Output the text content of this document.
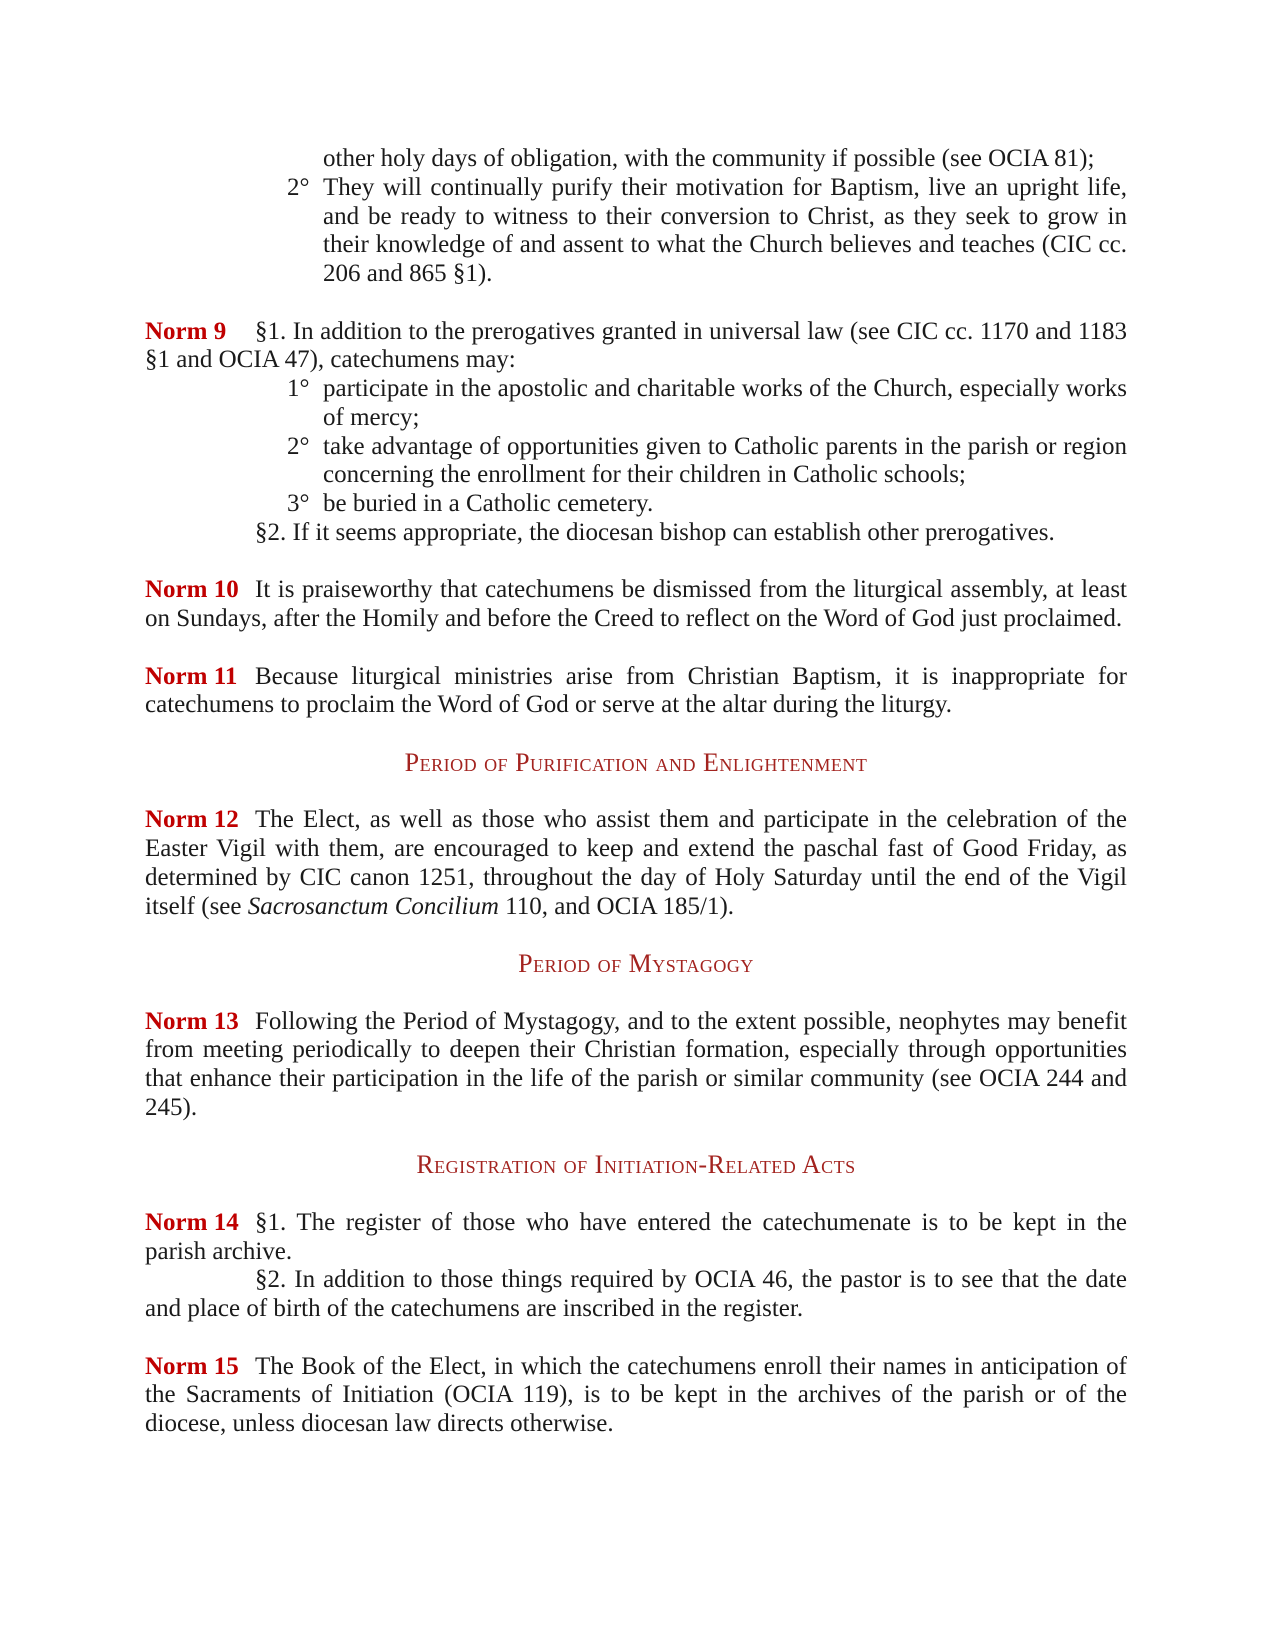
other holy days of obligation, with the community if possible (see OCIA 81);
2° They will continually purify their motivation for Baptism, live an upright life, and be ready to witness to their conversion to Christ, as they seek to grow in their knowledge of and assent to what the Church believes and teaches (CIC cc. 206 and 865 §1).

Norm 9 §1. In addition to the prerogatives granted in universal law (see CIC cc. 1170 and 1183 §1 and OCIA 47), catechumens may:

1° participate in the apostolic and charitable works of the Church, especially works of mercy;
2° take advantage of opportunities given to Catholic parents in the parish or region concerning the enrollment for their children in Catholic schools;
3° be buried in a Catholic cemetery.

§2. If it seems appropriate, the diocesan bishop can establish other prerogatives.

Norm 10 It is praiseworthy that catechumens be dismissed from the liturgical assembly, at least on Sundays, after the Homily and before the Creed to reflect on the Word of God just proclaimed.

Norm 11 Because liturgical ministries arise from Christian Baptism, it is inappropriate for catechumens to proclaim the Word of God or serve at the altar during the liturgy.

Period of Purification and Enlightenment

Norm 12 The Elect, as well as those who assist them and participate in the celebration of the Easter Vigil with them, are encouraged to keep and extend the paschal fast of Good Friday, as determined by CIC canon 1251, throughout the day of Holy Saturday until the end of the Vigil itself (see Sacrosanctum Concilium 110, and OCIA 185/1).

Period of Mystagogy

Norm 13 Following the Period of Mystagogy, and to the extent possible, neophytes may benefit from meeting periodically to deepen their Christian formation, especially through opportunities that enhance their participation in the life of the parish or similar community (see OCIA 244 and 245).

Registration of Initiation-Related Acts

Norm 14 §1. The register of those who have entered the catechumenate is to be kept in the parish archive.

§2. In addition to those things required by OCIA 46, the pastor is to see that the date and place of birth of the catechumens are inscribed in the register.

Norm 15 The Book of the Elect, in which the catechumens enroll their names in anticipation of the Sacraments of Initiation (OCIA 119), is to be kept in the archives of the parish or of the diocese, unless diocesan law directs otherwise.
